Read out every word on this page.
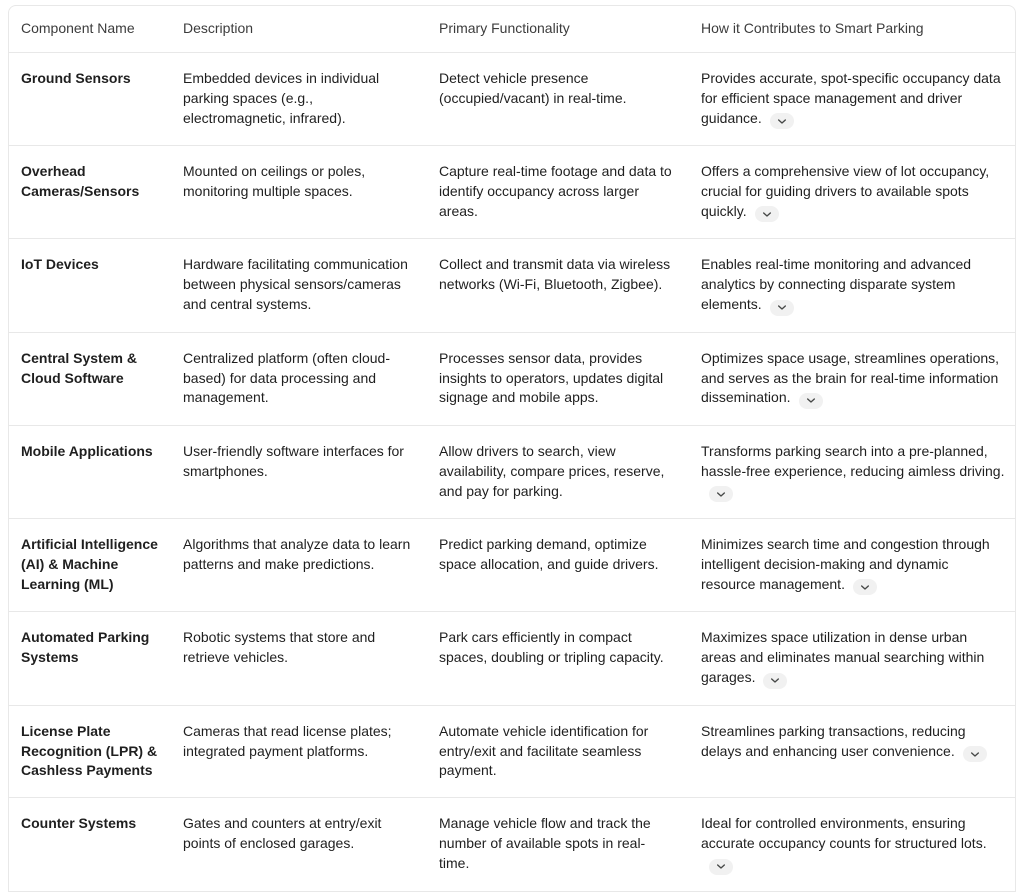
Component Name	Description	Primary Functionality	How it Contributes to Smart Parking
Ground Sensors	Embedded devices in individual parking spaces (e.g., electromagnetic, infrared).	Detect vehicle presence (occupied/vacant) in real-time.	Provides accurate, spot-specific occupancy data for efficient space management and driver guidance.

Overhead Cameras/Sensors	Mounted on ceilings or poles, monitoring multiple spaces.	Capture real-time footage and data to identify occupancy across larger areas.	Offers a comprehensive view of lot occupancy, crucial for guiding drivers to available spots quickly.

IoT Devices	Hardware facilitating communication between physical sensors/cameras and central systems.	Collect and transmit data via wireless networks (Wi-Fi, Bluetooth, Zigbee).	Enables real-time monitoring and advanced analytics by connecting disparate system elements.

Central System & Cloud Software	Centralized platform (often cloud-based) for data processing and management.	Processes sensor data, provides insights to operators, updates digital signage and mobile apps.	Optimizes space usage, streamlines operations, and serves as the brain for real-time information dissemination.

Mobile Applications	User-friendly software interfaces for smartphones.	Allow drivers to search, view availability, compare prices, reserve, and pay for parking.	Transforms parking search into a pre-planned, hassle-free experience, reducing aimless driving.

Artificial Intelligence (AI) & Machine Learning (ML)	Algorithms that analyze data to learn patterns and make predictions.	Predict parking demand, optimize space allocation, and guide drivers.	Minimizes search time and congestion through intelligent decision-making and dynamic resource management.

Automated Parking Systems	Robotic systems that store and retrieve vehicles.	Park cars efficiently in compact spaces, doubling or tripling capacity.	Maximizes space utilization in dense urban areas and eliminates manual searching within garages.

License Plate Recognition (LPR) & Cashless Payments	Cameras that read license plates; integrated payment platforms.	Automate vehicle identification for entry/exit and facilitate seamless payment.	Streamlines parking transactions, reducing delays and enhancing user convenience.

Counter Systems	Gates and counters at entry/exit points of enclosed garages.	Manage vehicle flow and track the number of available spots in real-time.	Ideal for controlled environments, ensuring accurate occupancy counts for structured lots.
